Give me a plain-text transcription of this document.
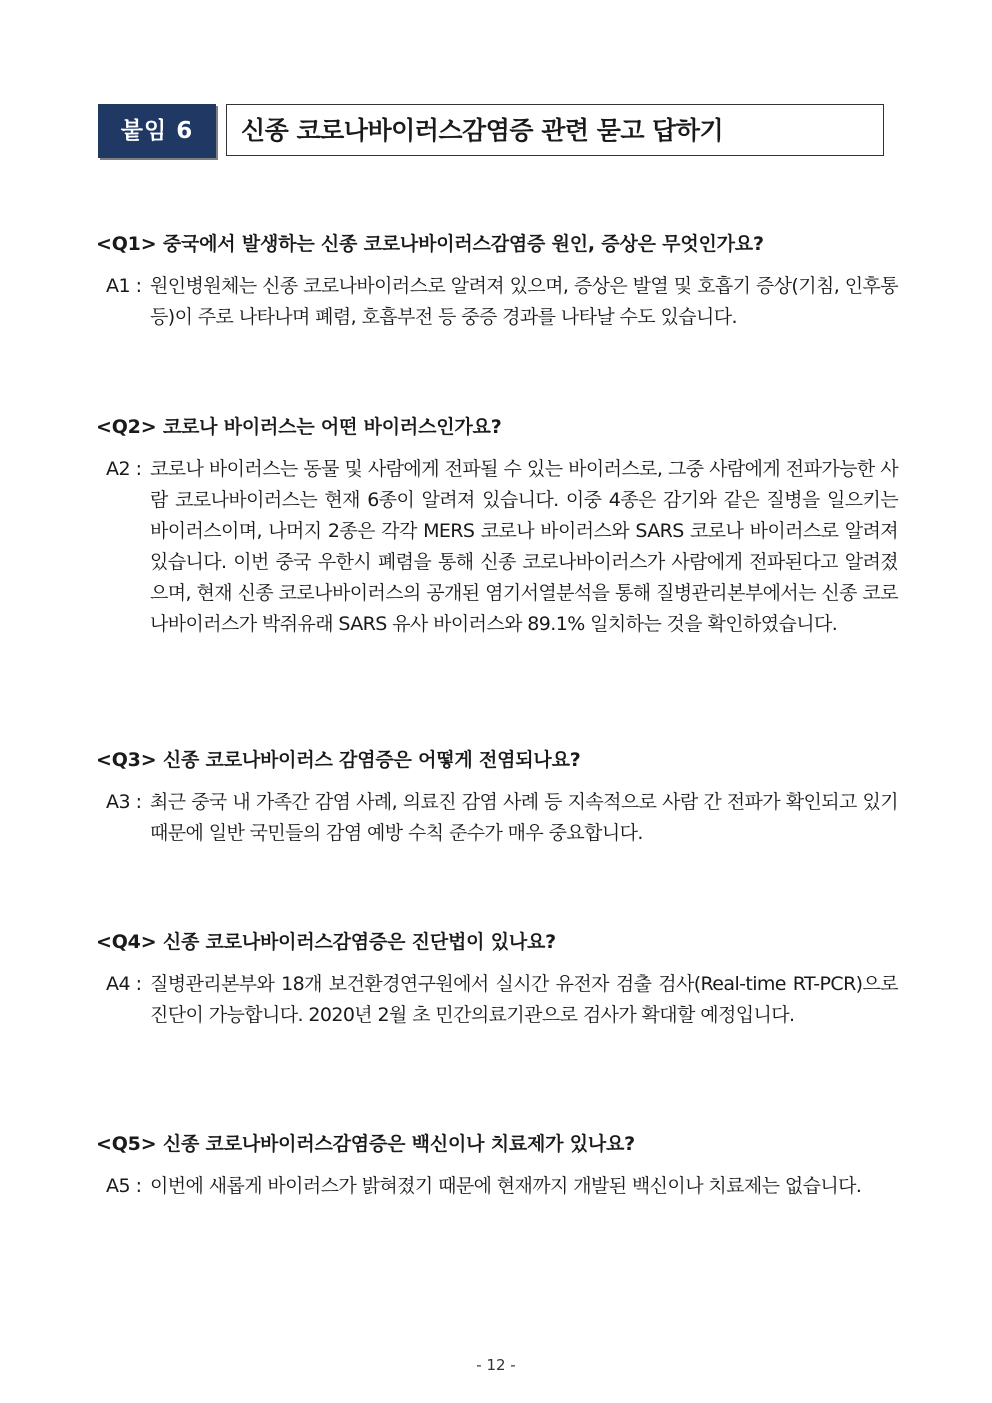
붙임 6	신종 코로나바이러스감염증 관련 묻고 답하기
<Q1> 중국에서 발생하는 신종 코로나바이러스감염증 원인, 증상은 무엇인가요?
A1 : 원인병원체는 신종 코로나바이러스로 알려져 있으며, 증상은 발열 및 호흡기 증상(기침, 인후통 등)이 주로 나타나며 폐렴, 호흡부전 등 중증 경과를 나타날 수도 있습니다.
<Q2> 코로나 바이러스는 어떤 바이러스인가요?
A2 : 코로나 바이러스는 동물 및 사람에게 전파될 수 있는 바이러스로, 그중 사람에게 전파가능한 사람 코로나바이러스는 현재 6종이 알려져 있습니다. 이중 4종은 감기와 같은 질병을 일으키는 바이러스이며, 나머지 2종은 각각 MERS 코로나 바이러스와 SARS 코로나 바이러스로 알려져 있습니다. 이번 중국 우한시 폐렴을 통해 신종 코로나바이러스가 사람에게 전파된다고 알려졌으며, 현재 신종 코로나바이러스의 공개된 염기서열분석을 통해 질병관리본부에서는 신종 코로나바이러스가 박쥐유래 SARS 유사 바이러스와 89.1% 일치하는 것을 확인하였습니다.
<Q3> 신종 코로나바이러스 감염증은 어떻게 전염되나요?
A3 : 최근 중국 내 가족간 감염 사례, 의료진 감염 사례 등 지속적으로 사람 간 전파가 확인되고 있기 때문에 일반 국민들의 감염 예방 수칙 준수가 매우 중요합니다.
<Q4> 신종 코로나바이러스감염증은 진단법이 있나요?
A4 : 질병관리본부와 18개 보건환경연구원에서 실시간 유전자 검출 검사(Real-time RT-PCR)으로 진단이 가능합니다. 2020년 2월 초 민간의료기관으로 검사가 확대할 예정입니다.
<Q5> 신종 코로나바이러스감염증은 백신이나 치료제가 있나요?
A5 : 이번에 새롭게 바이러스가 밝혀졌기 때문에 현재까지 개발된 백신이나 치료제는 없습니다.
- 12 -
